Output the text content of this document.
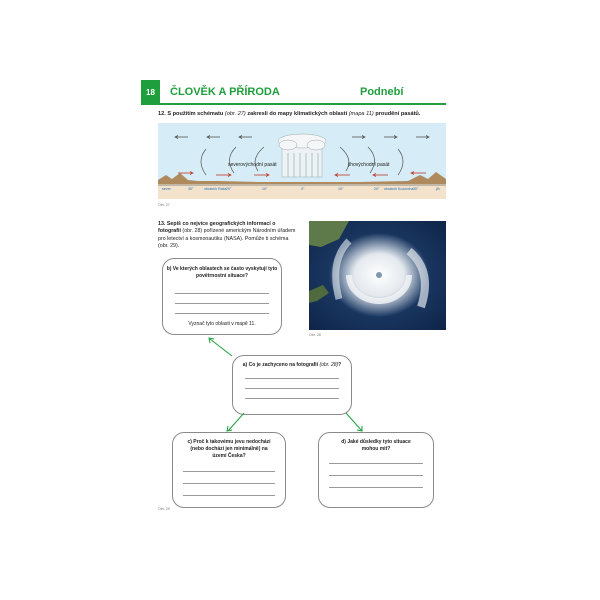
18	ČLOVĚK A PŘÍRODA	Podnebí
12. S použitím schématu (obr. 27) zakresli do mapy klimatických oblastí (mapa 11) proudění pasátů.
severovýchodní pasát	jihovýchodní pasát
sever	30°	obratník Raka 20°	10°	0°	10°	20° obratník Kozoroha 30°	jih
Obr. 27
13. Sepiš co nejvíce geografických informací o fotografii (obr. 28) pořízené americkým Národním úřadem pro letectví a kosmonautiku (NASA). Pomůže ti schéma (obr. 29).
Obr. 28
b) Ve kterých oblastech se často vyskytují tyto povětrnostní situace?
Vyznač tyto oblasti v mapě 11.
a) Co je zachyceno na fotografii (obr. 28)?
c) Proč k takovému jevu nedochází (nebo dochází jen minimálně) na území Česka?
d) Jaké důsledky tyto situace mohou mít?
Obr. 29
